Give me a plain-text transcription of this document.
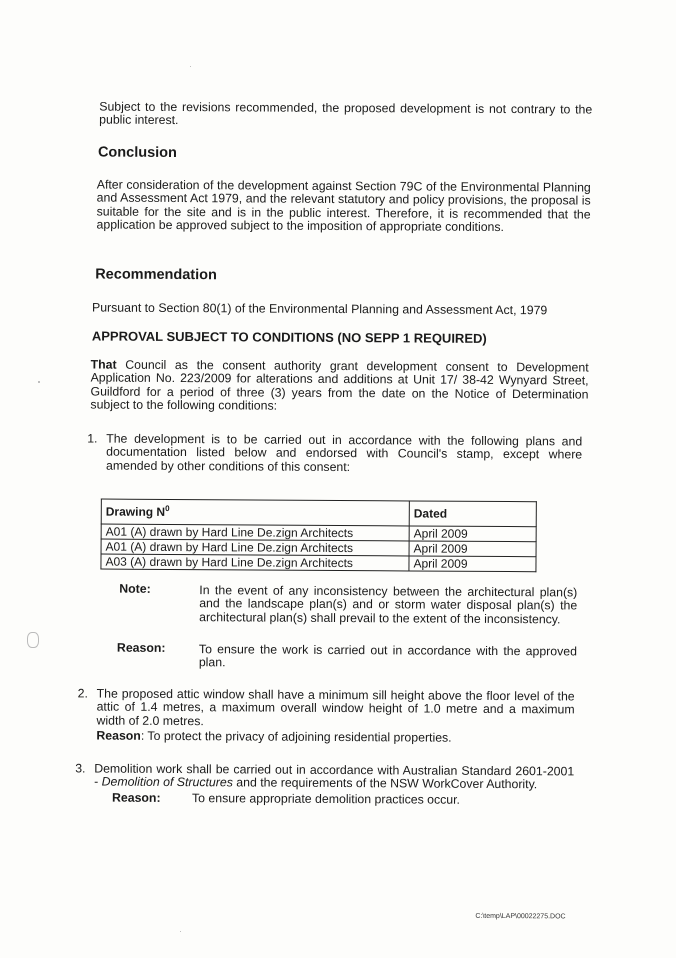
Subject to the revisions recommended, the proposed development is not contrary to the public interest.

Conclusion

After consideration of the development against Section 79C of the Environmental Planning and Assessment Act 1979, and the relevant statutory and policy provisions, the proposal is suitable for the site and is in the public interest. Therefore, it is recommended that the application be approved subject to the imposition of appropriate conditions.

Recommendation

Pursuant to Section 80(1) of the Environmental Planning and Assessment Act, 1979

APPROVAL SUBJECT TO CONDITIONS (NO SEPP 1 REQUIRED)

That Council as the consent authority grant development consent to Development Application No. 223/2009 for alterations and additions at Unit 17/ 38-42 Wynyard Street, Guildford for a period of three (3) years from the date on the Notice of Determination subject to the following conditions:

1. The development is to be carried out in accordance with the following plans and documentation listed below and endorsed with Council's stamp, except where amended by other conditions of this consent:

Drawing $N^0$	Dated
A01 (A) drawn by Hard Line De.zign Architects	April 2009
A01 (A) drawn by Hard Line De.zign Architects	April 2009
A03 (A) drawn by Hard Line De.zign Architects	April 2009
Note:	In the event of any inconsistency between the architectural plan(s) and the landscape plan(s) and or storm water disposal plan(s) the architectural plan(s) shall prevail to the extent of the inconsistency.

Reason:	To ensure the work is carried out in accordance with the approved plan.

2. The proposed attic window shall have a minimum sill height above the floor level of the attic of 1.4 metres, a maximum overall window height of 1.0 metre and a maximum width of 2.0 metres.

Reason: To protect the privacy of adjoining residential properties.

3. Demolition work shall be carried out in accordance with Australian Standard 2601-2001 - Demolition of Structures and the requirements of the NSW WorkCover Authority.

Reason:	To ensure appropriate demolition practices occur.
C:\temp\LAP\00022275.DOC
